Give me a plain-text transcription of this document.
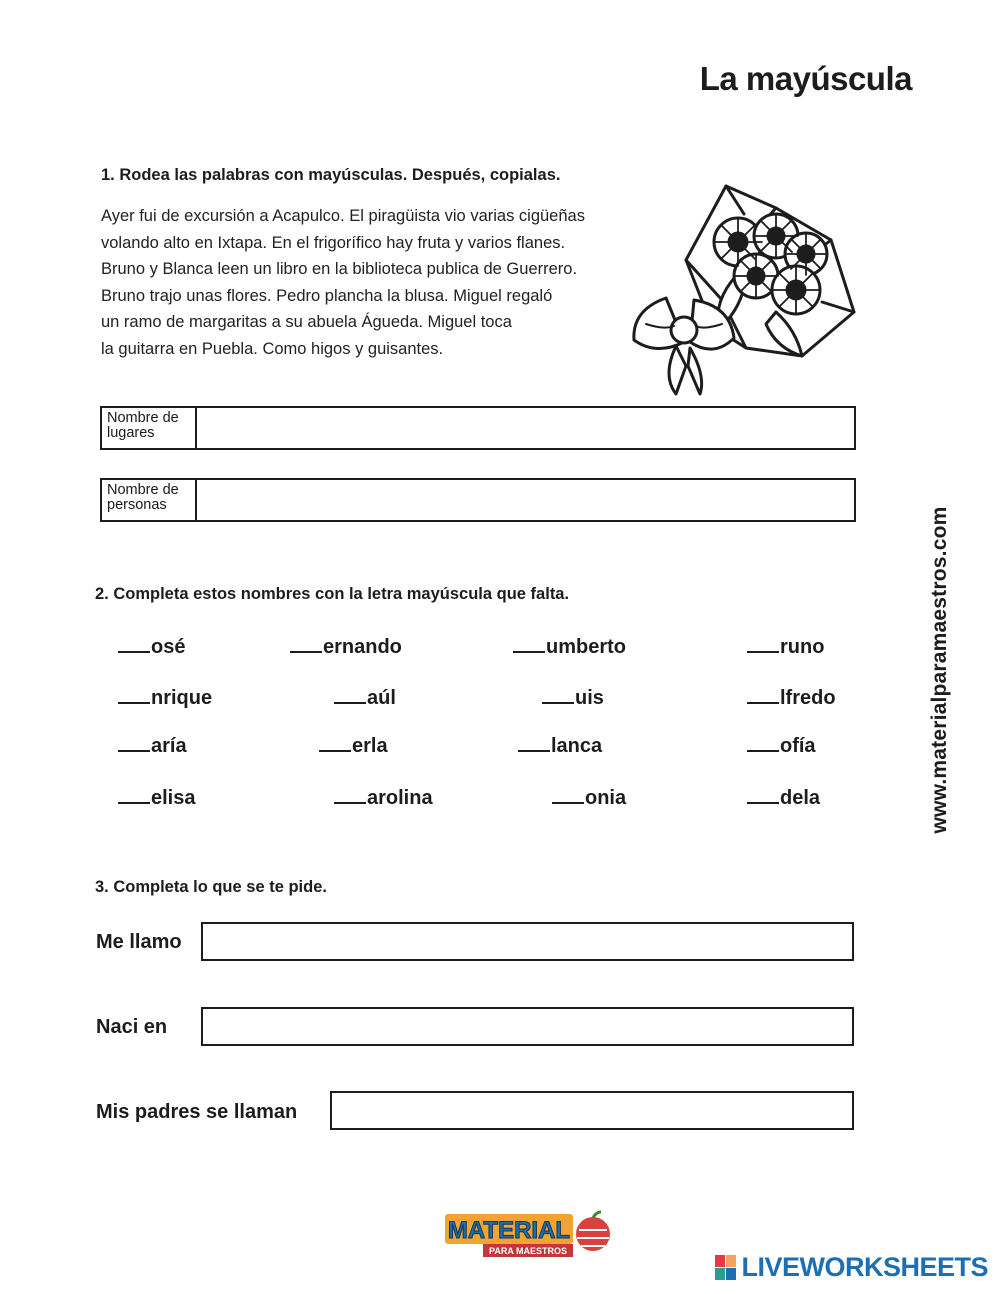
La mayúscula
1. Rodea las palabras con mayúsculas. Después, copialas.
Ayer fui de excursión a Acapulco. El piragüista vio varias cigüeñas
volando alto en Ixtapa. En el frigorífico hay fruta y varios flanes.
Bruno y Blanca leen un libro en la biblioteca publica de Guerrero.
Bruno trajo unas flores. Pedro plancha la blusa. Miguel regaló
un ramo de margaritas a su abuela Águeda. Miguel toca
la guitarra en Puebla. Como higos y guisantes.
Nombre de
lugares
Nombre de
personas
2. Completa estos nombres con la letra mayúscula que falta.
osé	ernando	umberto	runo
nrique	aúl	uis	lfredo
aría	erla	lanca	ofía
elisa	arolina	onia	dela
3. Completa lo que se te pide.
Me llamo
Naci en
Mis padres se llaman
www.materialparamaestros.com
MATERIAL
PARA MAESTROS
LIVEWORKSHEETS
